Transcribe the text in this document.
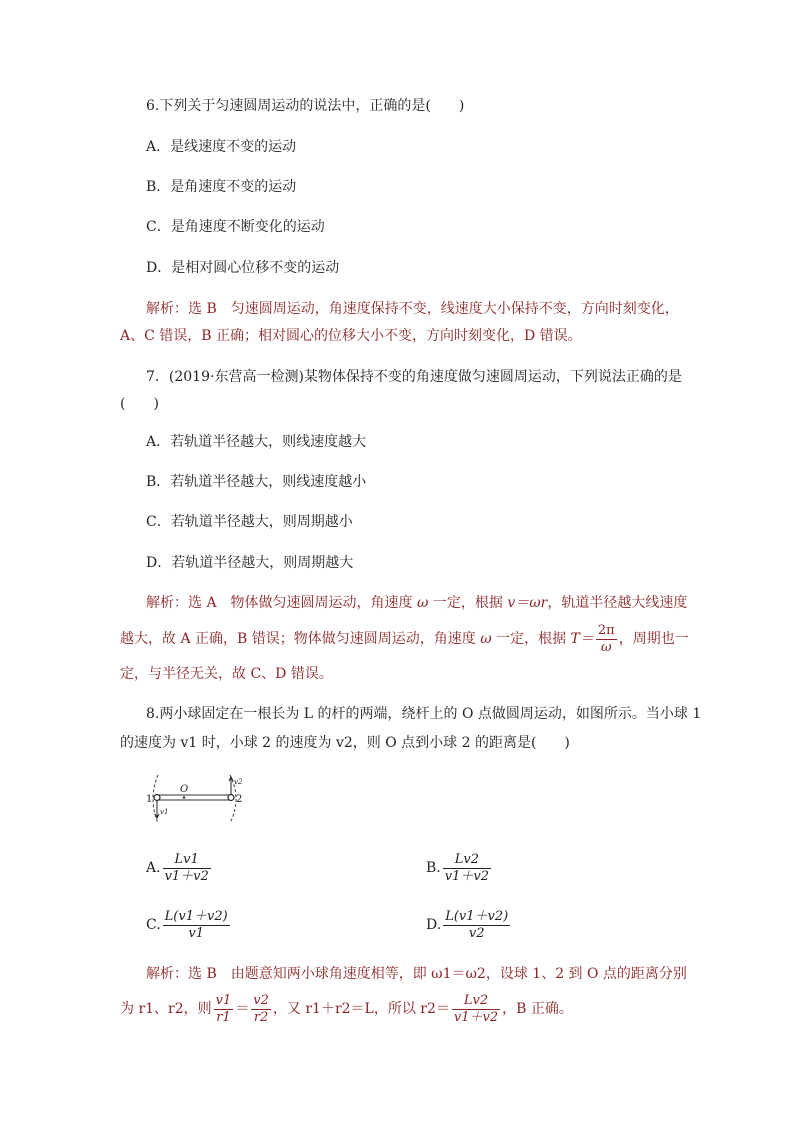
6.下列关于匀速圆周运动的说法中，正确的是(　　)
A．是线速度不变的运动
B．是角速度不变的运动
C．是角速度不断变化的运动
D．是相对圆心位移不变的运动
解析：选 B　匀速圆周运动，角速度保持不变，线速度大小保持不变，方向时刻变化，
A、C 错误，B 正确；相对圆心的位移大小不变，方向时刻变化，D 错误。
7．(2019·东营高一检测)某物体保持不变的角速度做匀速圆周运动，下列说法正确的是
(　　)
A．若轨道半径越大，则线速度越大
B．若轨道半径越大，则线速度越小
C．若轨道半径越大，则周期越小
D．若轨道半径越大，则周期越大
解析：选 A　物体做匀速圆周运动，角速度 ω 一定，根据 v＝ωr，轨道半径越大线速度
越大，故 A 正确，B 错误；物体做匀速圆周运动，角速度 ω 一定，根据 $T= \frac{2\pi}{\omega}$ ，周期也一
定，与半径无关，故 C、D 错误。
8.两小球固定在一根长为 L 的杆的两端，绕杆上的 O 点做圆周运动，如图所示。当小球 1
的速度为 v1 时，小球 2 的速度为 v2，则 O 点到小球 2 的距离是(　　)
1	2
O
v1
v2
A. $\frac{Lv1}{v1+v2}$	B. $\frac{Lv2}{v1+v2}$
C. $\frac{L(v1+v2)}{v1}$	D. $\frac{L(v1+v2)}{v2}$
解析：选 B　由题意知两小球角速度相等，即 ω1＝ω2，设球 1、2 到 O 点的距离分别
为 r1、r2，则 $\frac{v1}{r1} = \frac{v2}{r2}$ ，又 r1＋r2＝L，所以 $r2= \frac{Lv2}{v1+v2}$ ，B 正确。
